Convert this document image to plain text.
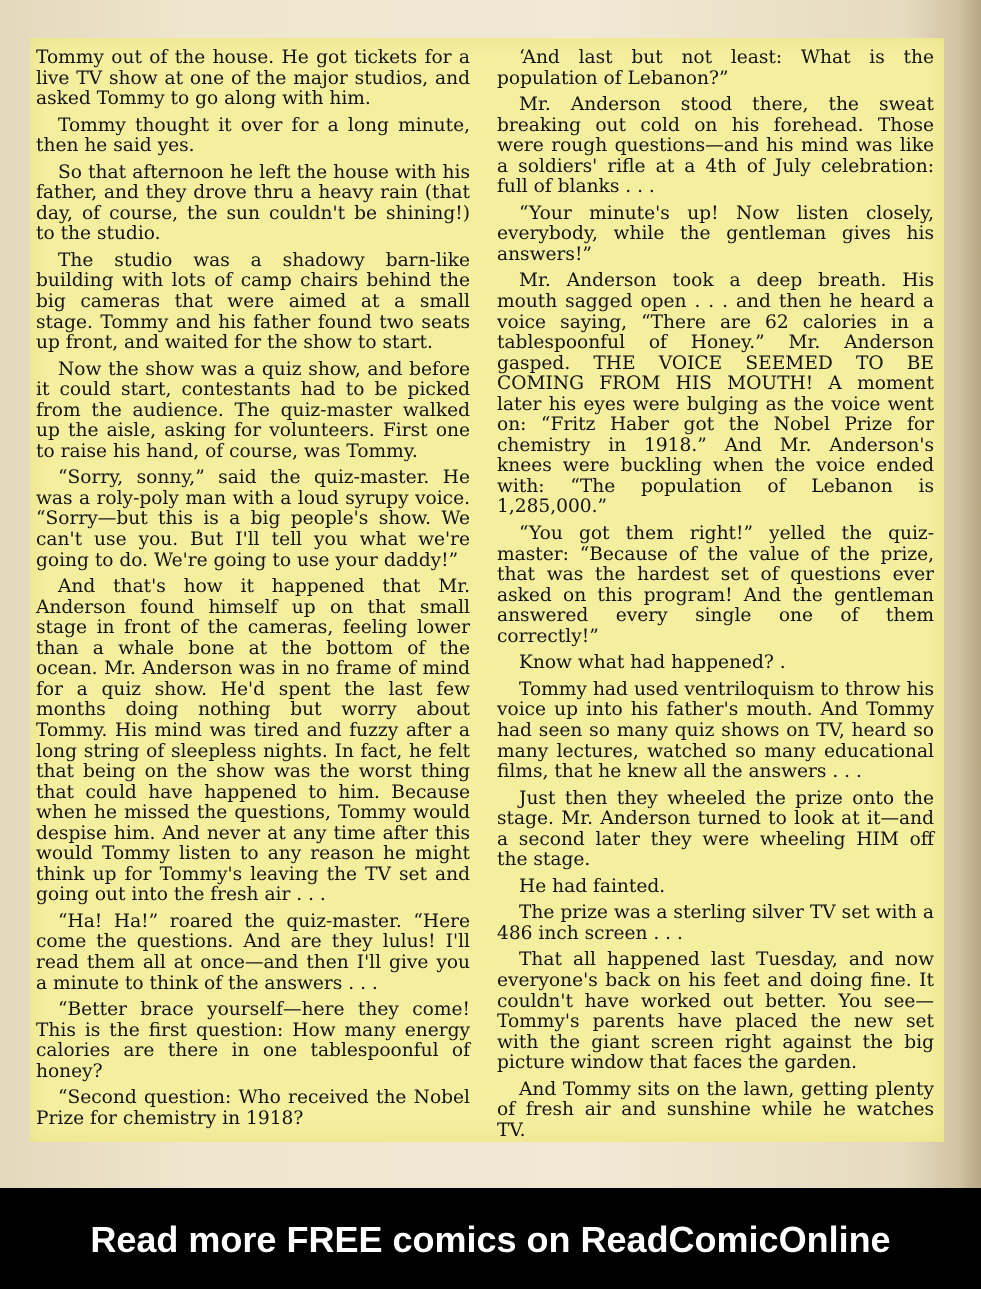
Tommy out of the house. He got tickets for a live TV show at one of the major studios, and asked Tommy to go along with him.

Tommy thought it over for a long minute, then he said yes.

So that afternoon he left the house with his father, and they drove thru a heavy rain (that day, of course, the sun couldn't be shining!) to the studio.

The studio was a shadowy barn-like building with lots of camp chairs behind the big cameras that were aimed at a small stage. Tommy and his father found two seats up front, and waited for the show to start.

Now the show was a quiz show, and before it could start, contestants had to be picked from the audience. The quiz-master walked up the aisle, asking for volunteers. First one to raise his hand, of course, was Tommy.

“Sorry, sonny,” said the quiz-master. He was a roly-poly man with a loud syrupy voice. “Sorry—but this is a big people's show. We can't use you. But I'll tell you what we're going to do. We're going to use your daddy!”

And that's how it happened that Mr. Anderson found himself up on that small stage in front of the cameras, feeling lower than a whale bone at the bottom of the ocean. Mr. Anderson was in no frame of mind for a quiz show. He'd spent the last few months doing nothing but worry about Tommy. His mind was tired and fuzzy after a long string of sleepless nights. In fact, he felt that being on the show was the worst thing that could have happened to him. Because when he missed the questions, Tommy would despise him. And never at any time after this would Tommy listen to any reason he might think up for Tommy's leaving the TV set and going out into the fresh air . . .

“Ha! Ha!” roared the quiz-master. “Here come the questions. And are they lulus! I'll read them all at once—and then I'll give you a minute to think of the answers . . .

“Better brace yourself—here they come! This is the first question: How many energy calories are there in one tablespoonful of honey?

“Second question: Who received the Nobel Prize for chemistry in 1918?

‘And last but not least: What is the population of Lebanon?”

Mr. Anderson stood there, the sweat breaking out cold on his forehead. Those were rough questions—and his mind was like a soldiers' rifle at a 4th of July celebration: full of blanks . . .

“Your minute's up! Now listen closely, everybody, while the gentleman gives his answers!”

Mr. Anderson took a deep breath. His mouth sagged open . . . and then he heard a voice saying, “There are 62 calories in a tablespoonful of Honey.” Mr. Anderson gasped. THE VOICE SEEMED TO BE COMING FROM HIS MOUTH! A moment later his eyes were bulging as the voice went on: “Fritz Haber got the Nobel Prize for chemistry in 1918.” And Mr. Anderson's knees were buckling when the voice ended with: “The population of Lebanon is 1,285,000.”

“You got them right!” yelled the quiz-master: “Because of the value of the prize, that was the hardest set of questions ever asked on this program! And the gentleman answered every single one of them correctly!”

Know what had happened? .

Tommy had used ventriloquism to throw his voice up into his father's mouth. And Tommy had seen so many quiz shows on TV, heard so many lectures, watched so many educational films, that he knew all the answers . . .

Just then they wheeled the prize onto the stage. Mr. Anderson turned to look at it—and a second later they were wheeling HIM off the stage.

He had fainted.

The prize was a sterling silver TV set with a 486 inch screen . . .

That all happened last Tuesday, and now everyone's back on his feet and doing fine. It couldn't have worked out better. You see—Tommy's parents have placed the new set with the giant screen right against the big picture window that faces the garden.

And Tommy sits on the lawn, getting plenty of fresh air and sunshine while he watches TV.

Read more FREE comics on ReadComicOnline
